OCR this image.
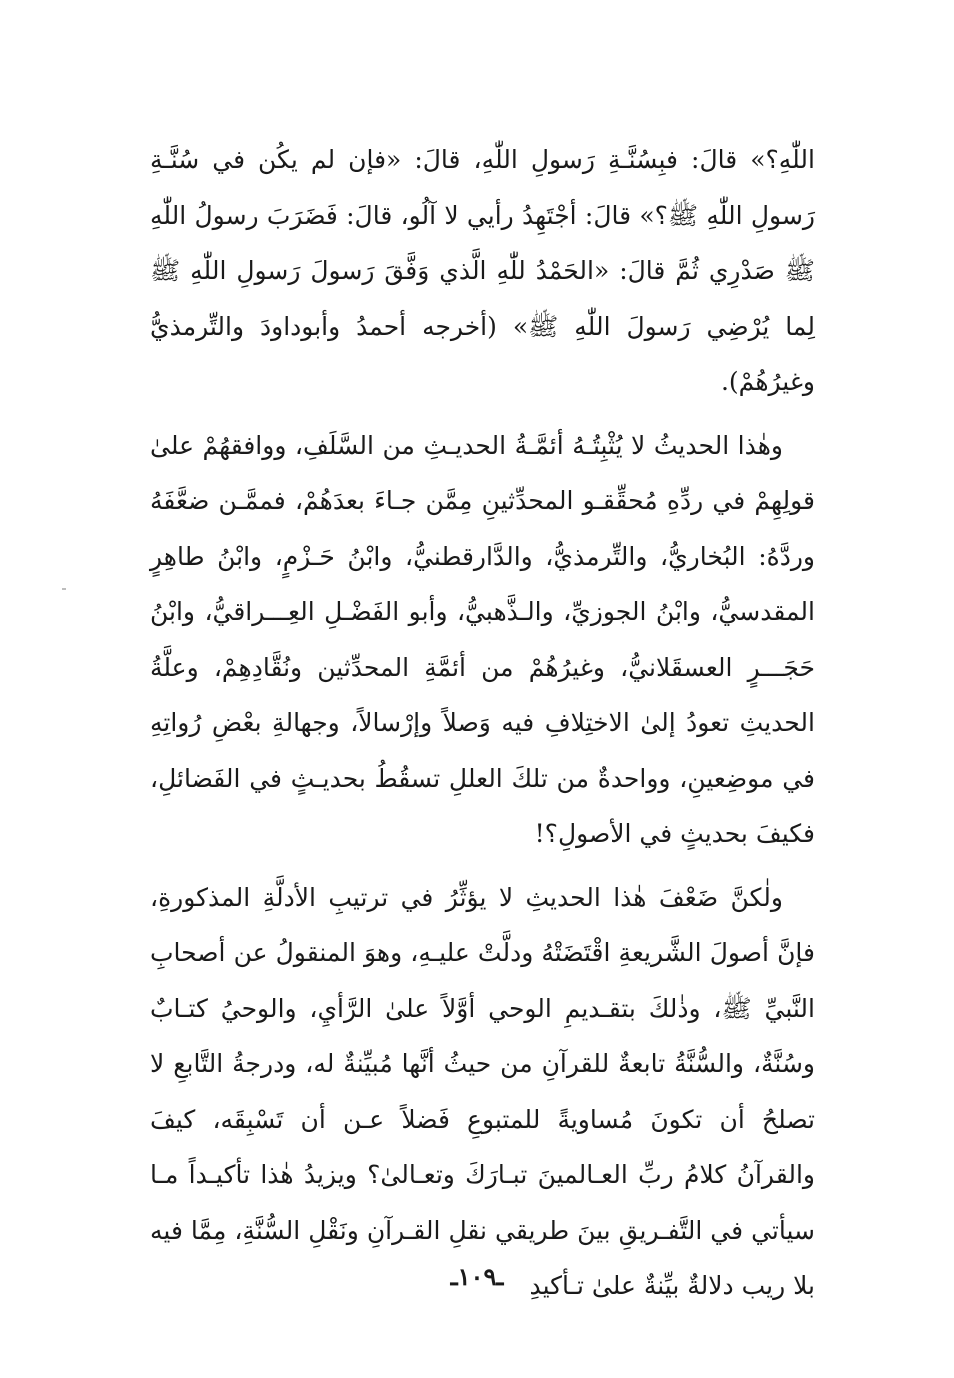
اللّٰهِ؟» قالَ: فبِسُنَّـةِ رَسولِ اللّٰهِ، قالَ: «فإن لم يكُن في سُنَّـةِ رَسولِ اللّٰهِ ﷺ؟» قالَ: أجْتَهِدُ رأيي لا آلُو، قالَ: فَضَرَبَ رسولُ اللّٰهِ ﷺ صَدْرِي ثُمَّ قالَ: «الحَمْدُ للّٰهِ الَّذي وَفَّقَ رَسولَ رَسولِ اللّٰهِ ﷺ لِما يُرْضِي رَسولَ اللّٰهِ ﷺ» (أخرجه أحمدُ وأبوداودَ والتِّرمذيُّ وغيرُهُمْ).

وهٰذا الحديثُ لا يُثْبِتُـهُ أئمَّـةُ الحديـثِ من السَّلَفِ، ووافقهُمْ علىٰ قولِهِمْ في ردِّهِ مُحقِّقـو المحدِّثينِ مِمَّن جـاءَ بعدَهُمْ، فممَّـن ضعَّفَهُ وردَّهُ: البُخاريُّ، والتِّرمذيُّ، والدَّارقطنيُّ، وابْنُ حَـزْمٍ، وابْنُ طاهِرٍ المقدسيُّ، وابْنُ الجوزيِّ، والـذَّهبيُّ، وأبو الفَضْـلِ العِـــراقيُّ، وابْنُ حَجَـــرٍ العسقَلانيُّ، وغيرُهُمْ من أئمَّةِ المحدِّثين ونُقَّادِهِمْ، وعلَّةُ الحديثِ تعودُ إلىٰ الاختِلافِ فيه وَصلاً وإرْسالاً، وجهالةِ بعْضِ رُواتِهِ في موضِعينِ، وواحدةٌ من تلكَ العللِ تسقُطُ بحديـثٍ في الفَضائلِ، فكيفَ بحديثٍ في الأصولِ؟!

ولٰكنَّ ضَعْفَ هٰذا الحديثِ لا يؤثِّرُ في ترتيبِ الأدلَّةِ المذكورةِ، فإنَّ أصولَ الشَّريعةِ اقْتَضَتْهُ ودلَّتْ عليـهِ، وهوَ المنقولُ عن أصحابِ النَّبيِّ ﷺ، وذٰلكَ بتقـديمِ الوحي أوَّلاً علىٰ الرَّأيِ، والوحيُ كتـابٌ وسُنَّةٌ، والسُّنَّةُ تابعةٌ للقرآنِ من حيثُ أنَّها مُبيِّنةٌ له، ودرجةُ التَّابعِ لا تصلحُ أن تكونَ مُساويةً للمتبوعِ فَضلاً عـن أن تَسْبِقَه، كيفَ والقرآنُ كلامُ ربِّ العـالمينَ تبـارَكَ وتعـالىٰ؟ ويزيدُ هٰذا تأكيـداً مـا سيأتي في التَّفـريقِ بينَ طريقي نقلِ القـرآنِ ونَقْلِ السُّنَّةِ، مِمَّا فيه بلا ريب دلالةٌ بيِّنةٌ علىٰ تـأكيدِ

ـ١٠٩ـ
